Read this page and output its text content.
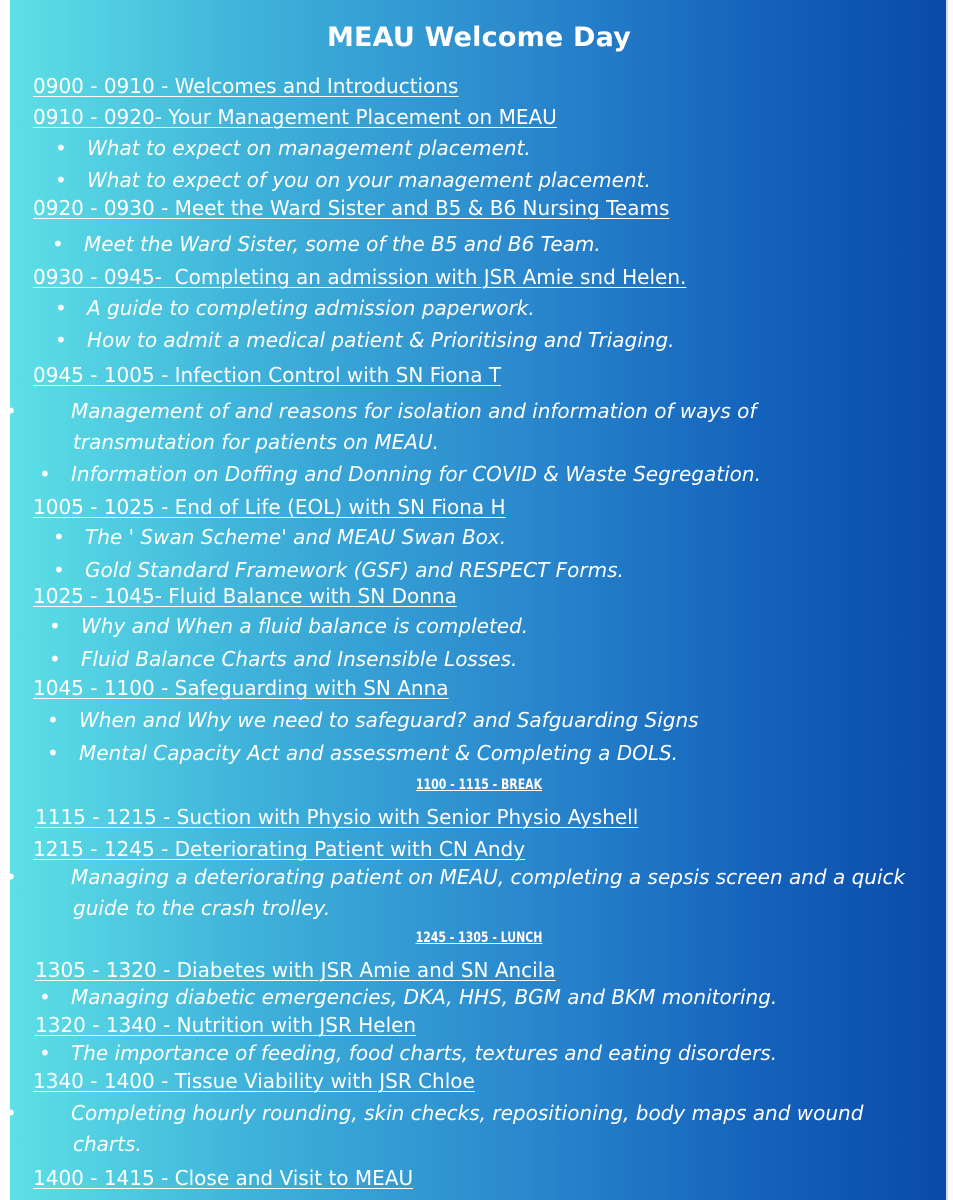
MEAU Welcome Day
0900 - 0910 - Welcomes and Introductions
0910 - 0920- Your Management Placement on MEAU
• What to expect on management placement.
• What to expect of you on your management placement.
0920 - 0930 - Meet the Ward Sister and B5 & B6 Nursing Teams
• Meet the Ward Sister, some of the B5 and B6 Team.
0930 - 0945-  Completing an admission with JSR Amie snd Helen.
• A guide to completing admission paperwork.
• How to admit a medical patient & Prioritising and Triaging.
0945 - 1005 - Infection Control with SN Fiona T
•	Management of and reasons for isolation and information of ways of transmutation for patients on MEAU.
• Information on Doffing and Donning for COVID & Waste Segregation.
1005 - 1025 - End of Life (EOL) with SN Fiona H
• The ' Swan Scheme' and MEAU Swan Box.
• Gold Standard Framework (GSF) and RESPECT Forms.
1025 - 1045- Fluid Balance with SN Donna
• Why and When a fluid balance is completed.
• Fluid Balance Charts and Insensible Losses.
1045 - 1100 - Safeguarding with SN Anna
• When and Why we need to safeguard? and Safguarding Signs
• Mental Capacity Act and assessment & Completing a DOLS.
1100 - 1115 - BREAK
1115 - 1215 - Suction with Physio with Senior Physio Ayshell
1215 - 1245 - Deteriorating Patient with CN Andy
•	Managing a deteriorating patient on MEAU, completing a sepsis screen and a quick guide to the crash trolley.
1245 - 1305 - LUNCH
1305 - 1320 - Diabetes with JSR Amie and SN Ancila
• Managing diabetic emergencies, DKA, HHS, BGM and BKM monitoring.
1320 - 1340 - Nutrition with JSR Helen
• The importance of feeding, food charts, textures and eating disorders.
1340 - 1400 - Tissue Viability with JSR Chloe
•	Completing hourly rounding, skin checks, repositioning, body maps and wound charts.
1400 - 1415 - Close and Visit to MEAU
